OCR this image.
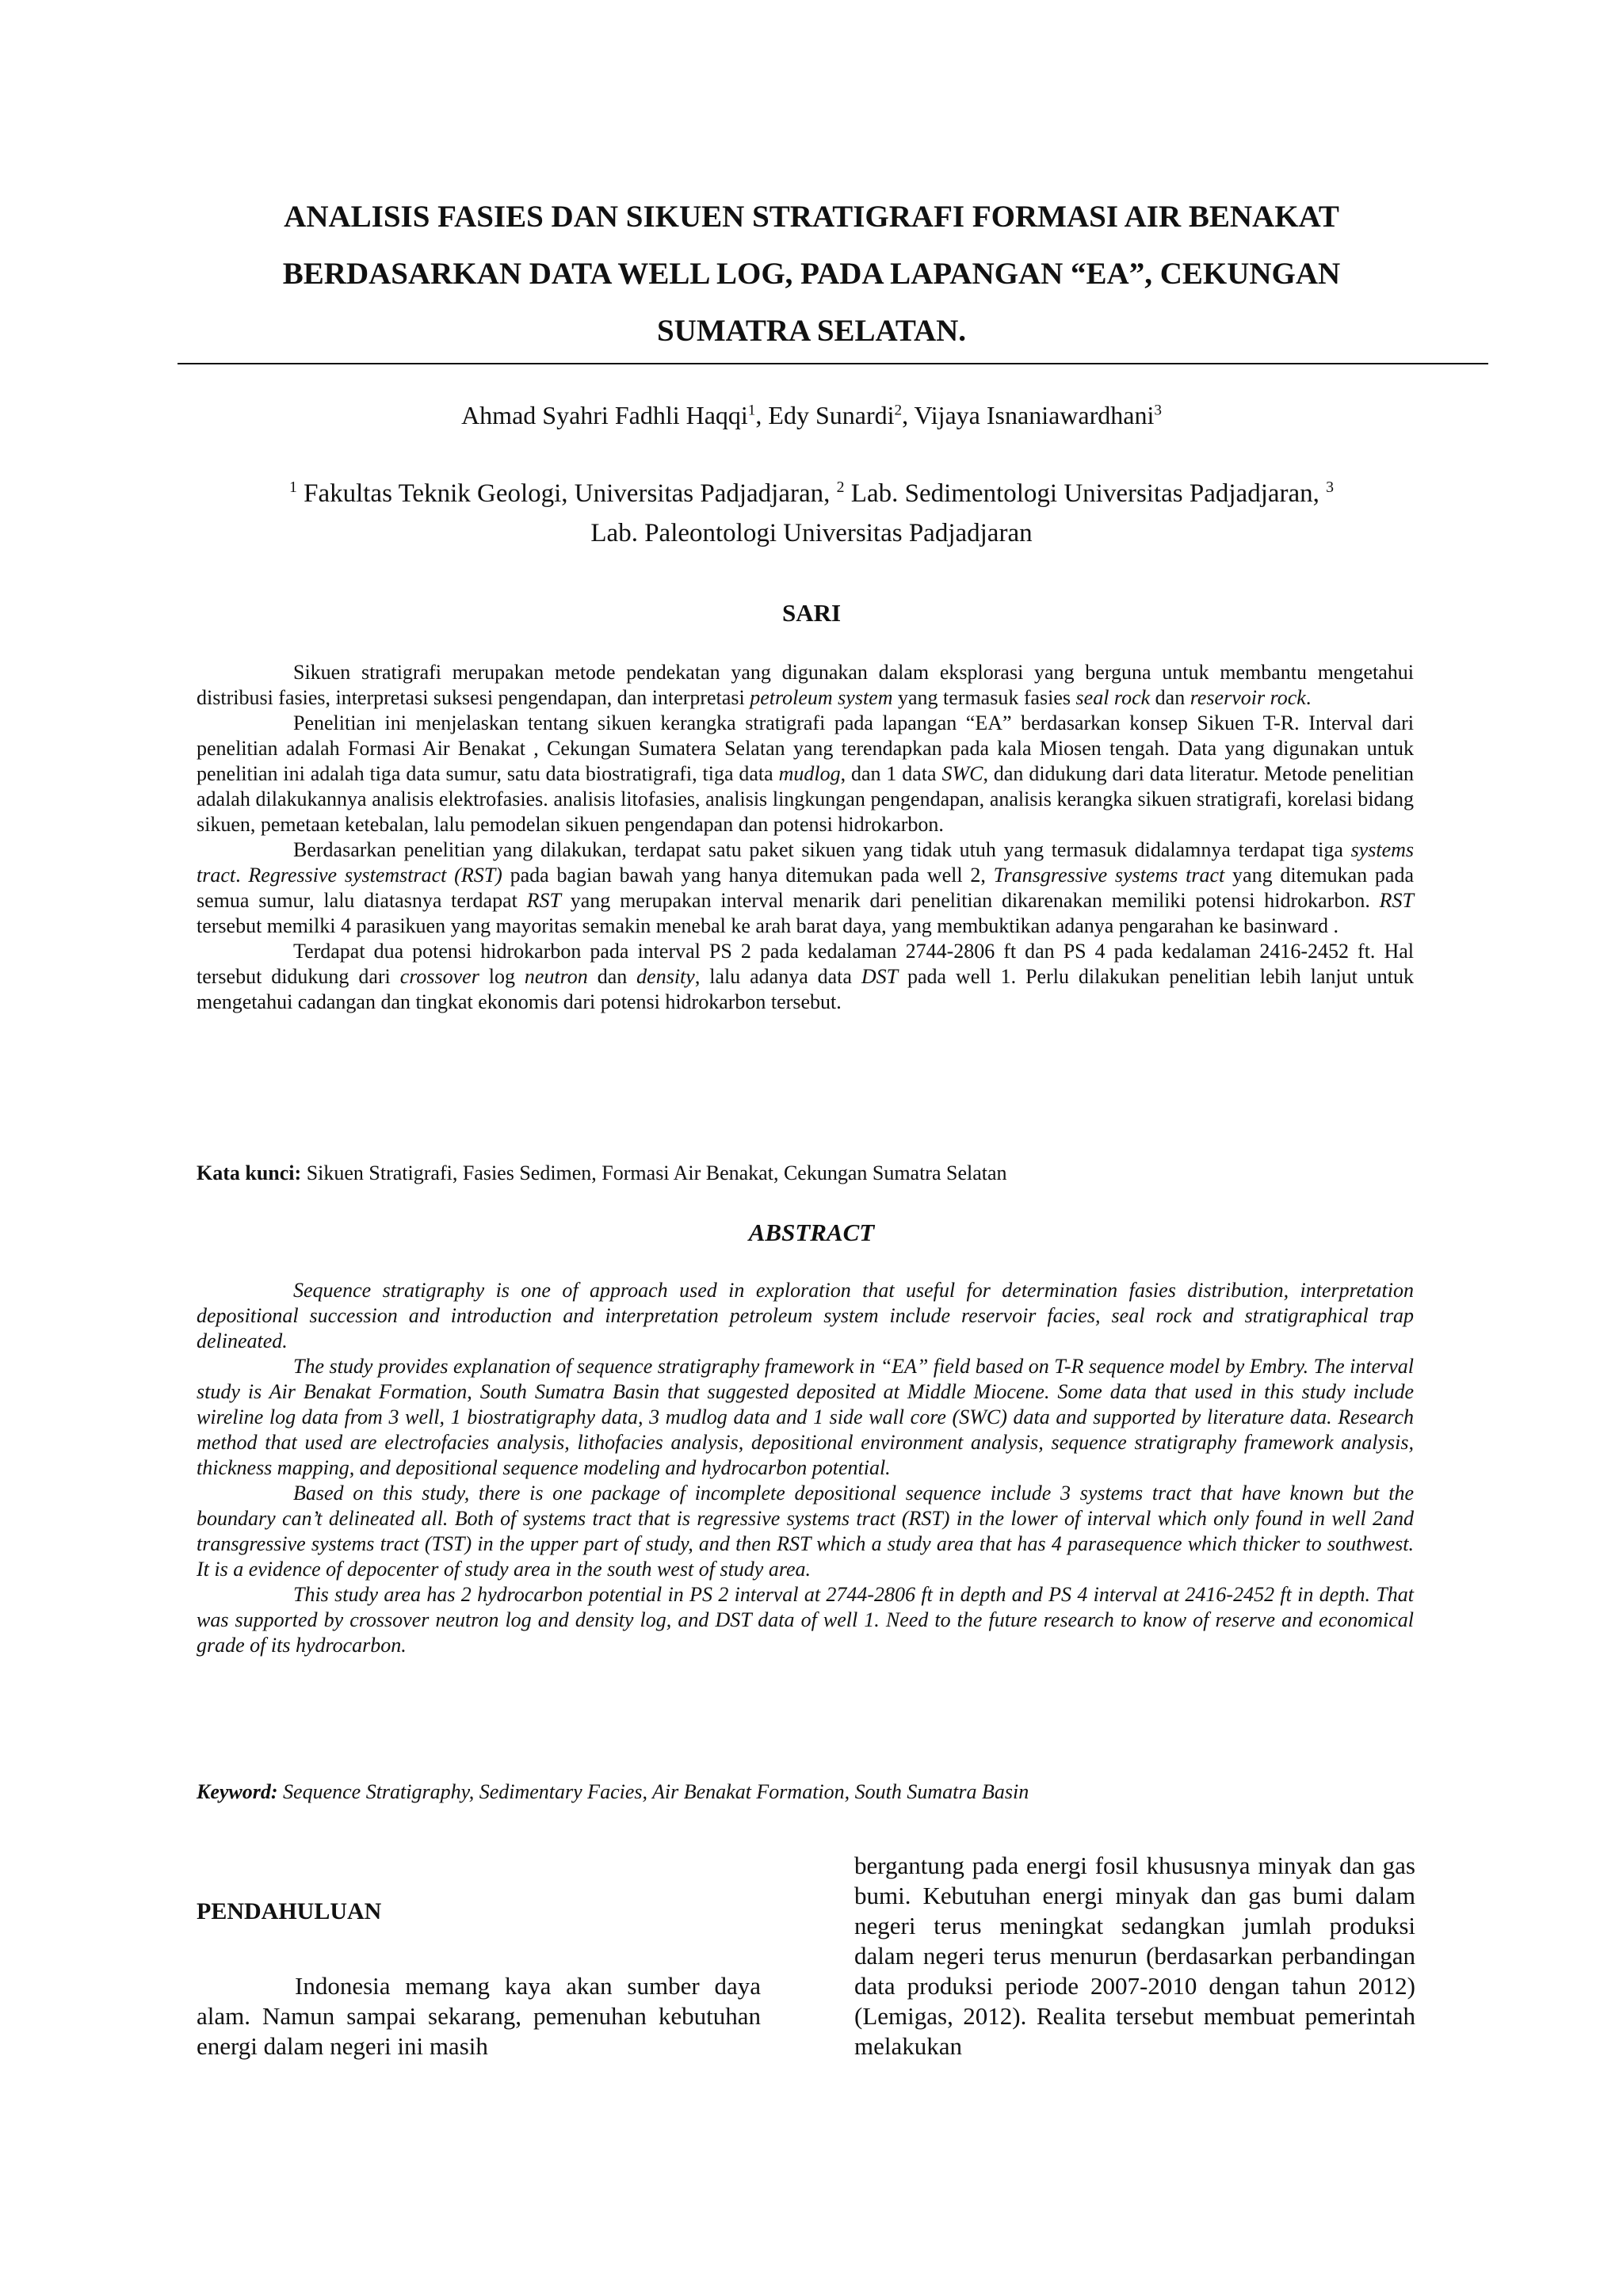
ANALISIS FASIES DAN SIKUEN STRATIGRAFI FORMASI AIR BENAKAT
BERDASARKAN DATA WELL LOG, PADA LAPANGAN “EA”, CEKUNGAN
SUMATRA SELATAN.
Ahmad Syahri Fadhli Haqqi$^1$, Edy Sunardi$^2$, Vijaya Isnaniawardhani$^3$
$^1$ Fakultas Teknik Geologi, Universitas Padjadjaran, $^2$ Lab. Sedimentologi Universitas Padjadjaran, $^3$
Lab. Paleontologi Universitas Padjadjaran
SARI

Sikuen stratigrafi merupakan metode pendekatan yang digunakan dalam eksplorasi yang berguna untuk membantu mengetahui distribusi fasies, interpretasi suksesi pengendapan, dan interpretasi petroleum system yang termasuk fasies seal rock dan reservoir rock.

Penelitian ini menjelaskan tentang sikuen kerangka stratigrafi pada lapangan “EA” berdasarkan konsep Sikuen T-R. Interval dari penelitian adalah Formasi Air Benakat , Cekungan Sumatera Selatan yang terendapkan pada kala Miosen tengah. Data yang digunakan untuk penelitian ini adalah tiga data sumur, satu data biostratigrafi, tiga data mudlog, dan 1 data SWC, dan didukung dari data literatur. Metode penelitian adalah dilakukannya analisis elektrofasies. analisis litofasies, analisis lingkungan pengendapan, analisis kerangka sikuen stratigrafi, korelasi bidang sikuen, pemetaan ketebalan, lalu pemodelan sikuen pengendapan dan potensi hidrokarbon.

Berdasarkan penelitian yang dilakukan, terdapat satu paket sikuen yang tidak utuh yang termasuk didalamnya terdapat tiga systems tract. Regressive systemstract (RST) pada bagian bawah yang hanya ditemukan pada well 2, Transgressive systems tract yang ditemukan pada semua sumur, lalu diatasnya terdapat RST yang merupakan interval menarik dari penelitian dikarenakan memiliki potensi hidrokarbon. RST tersebut memilki 4 parasikuen yang mayoritas semakin menebal ke arah barat daya, yang membuktikan adanya pengarahan ke basinward .

Terdapat dua potensi hidrokarbon pada interval PS 2 pada kedalaman 2744-2806 ft dan PS 4 pada kedalaman 2416-2452 ft. Hal tersebut didukung dari crossover log neutron dan density, lalu adanya data DST pada well 1. Perlu dilakukan penelitian lebih lanjut untuk mengetahui cadangan dan tingkat ekonomis dari potensi hidrokarbon tersebut.

Kata kunci: Sikuen Stratigrafi, Fasies Sedimen, Formasi Air Benakat, Cekungan Sumatra Selatan
ABSTRACT

Sequence stratigraphy is one of approach used in exploration that useful for determination fasies distribution, interpretation depositional succession and introduction and interpretation petroleum system include reservoir facies, seal rock and stratigraphical trap delineated.

The study provides explanation of sequence stratigraphy framework in “EA” field based on T-R sequence model by Embry. The interval study is Air Benakat Formation, South Sumatra Basin that suggested deposited at Middle Miocene. Some data that used in this study include wireline log data from 3 well, 1 biostratigraphy data, 3 mudlog data and 1 side wall core (SWC) data and supported by literature data. Research method that used are electrofacies analysis, lithofacies analysis, depositional environment analysis, sequence stratigraphy framework analysis, thickness mapping, and depositional sequence modeling and hydrocarbon potential.

Based on this study, there is one package of incomplete depositional sequence include 3 systems tract that have known but the boundary can’t delineated all. Both of systems tract that is regressive systems tract (RST) in the lower of interval which only found in well 2and transgressive systems tract (TST) in the upper part of study, and then RST which a study area that has 4 parasequence which thicker to southwest. It is a evidence of depocenter of study area in the south west of study area.

This study area has 2 hydrocarbon potential in PS 2 interval at 2744-2806 ft in depth and PS 4 interval at 2416-2452 ft in depth. That was supported by crossover neutron log and density log, and DST data of well 1. Need to the future research to know of reserve and economical grade of its hydrocarbon.

Keyword: Sequence Stratigraphy, Sedimentary Facies, Air Benakat Formation, South Sumatra Basin
PENDAHULUAN

Indonesia memang kaya akan sumber daya alam. Namun sampai sekarang, pemenuhan kebutuhan energi dalam negeri ini masih

bergantung pada energi fosil khususnya minyak dan gas bumi. Kebutuhan energi minyak dan gas bumi dalam negeri terus meningkat sedangkan jumlah produksi dalam negeri terus menurun (berdasarkan perbandingan data produksi periode 2007-2010 dengan tahun 2012) (Lemigas, 2012). Realita tersebut membuat pemerintah melakukan
